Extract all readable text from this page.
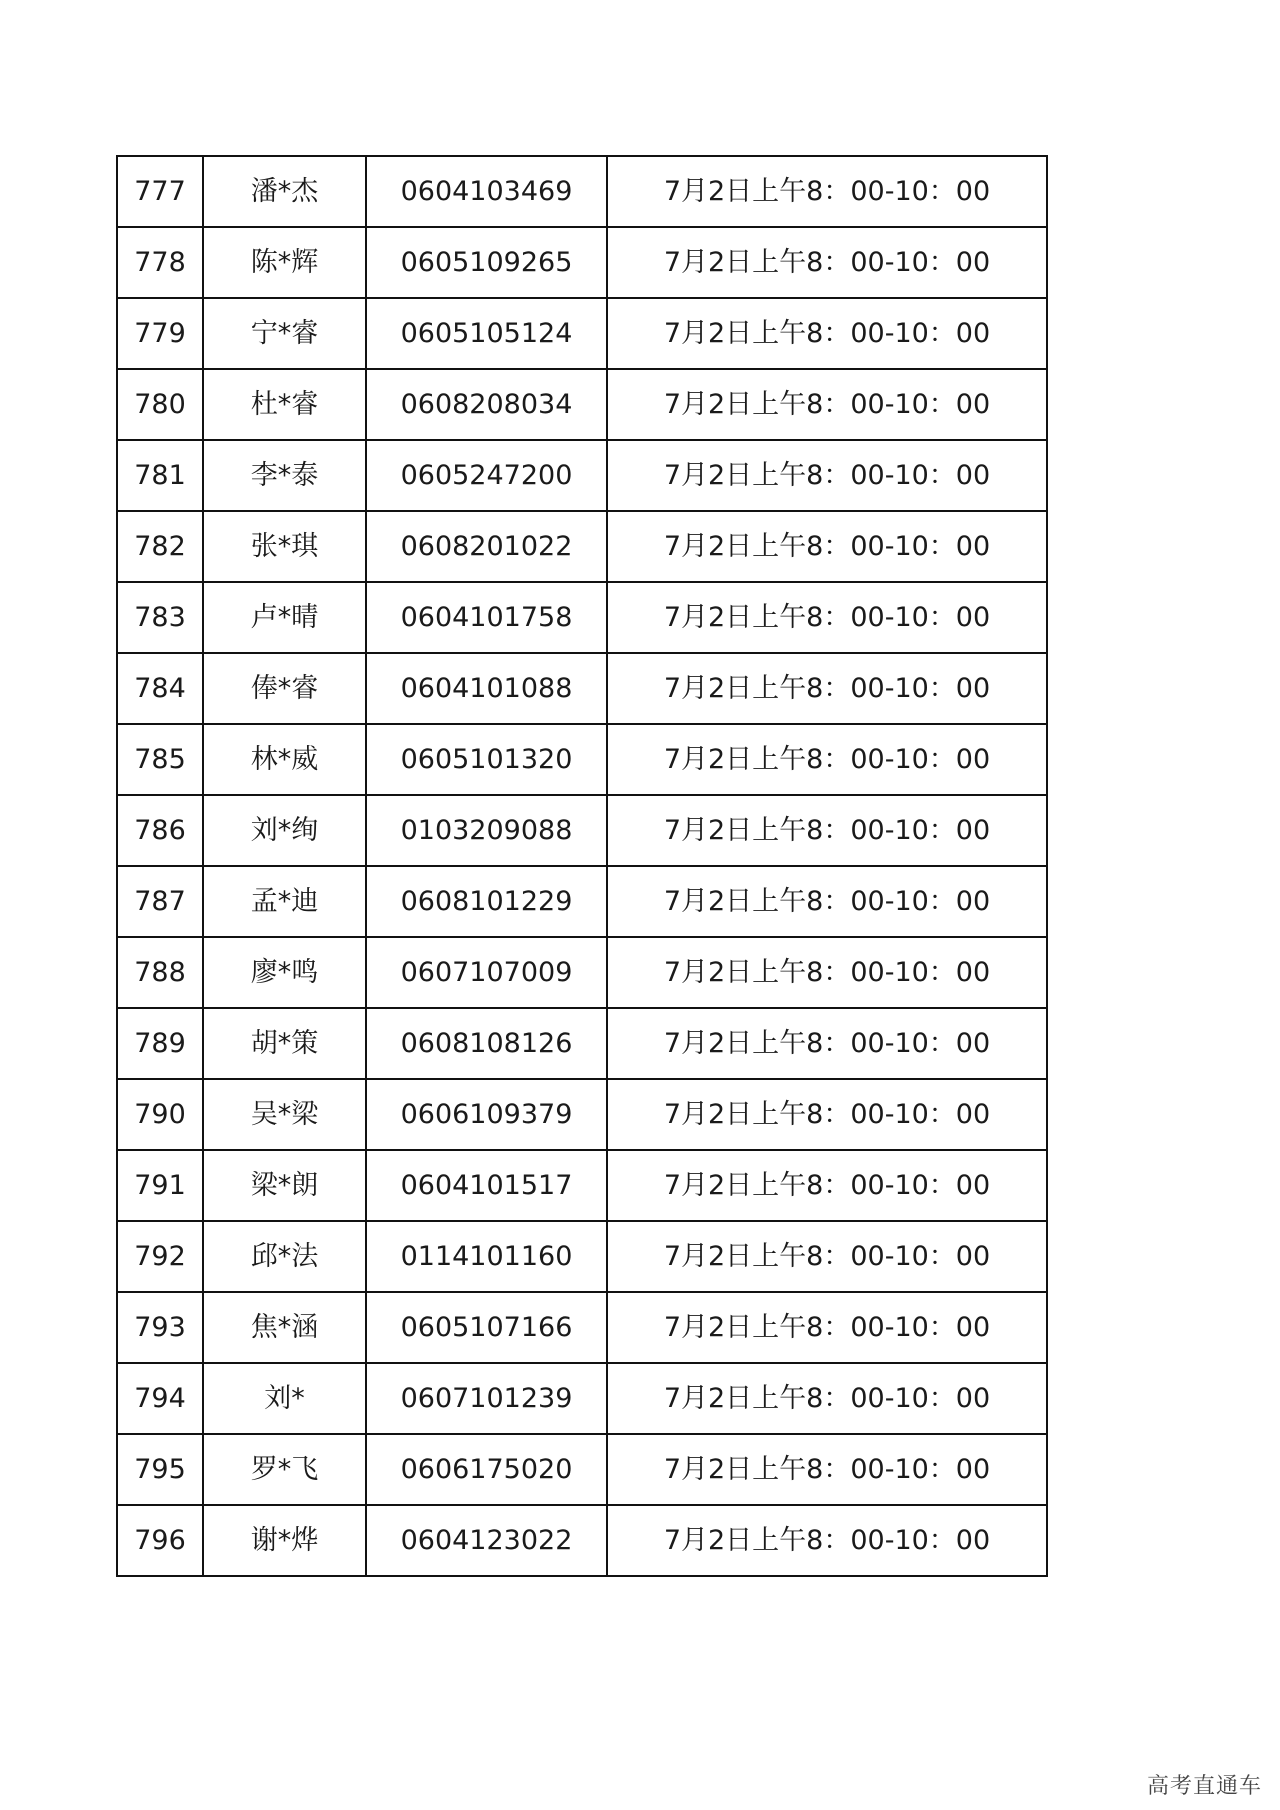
777	潘*杰	0604103469	7月2日上午8：00-10：00
778	陈*辉	0605109265	7月2日上午8：00-10：00
779	宁*睿	0605105124	7月2日上午8：00-10：00
780	杜*睿	0608208034	7月2日上午8：00-10：00
781	李*泰	0605247200	7月2日上午8：00-10：00
782	张*琪	0608201022	7月2日上午8：00-10：00
783	卢*晴	0604101758	7月2日上午8：00-10：00
784	俸*睿	0604101088	7月2日上午8：00-10：00
785	林*威	0605101320	7月2日上午8：00-10：00
786	刘*绚	0103209088	7月2日上午8：00-10：00
787	孟*迪	0608101229	7月2日上午8：00-10：00
788	廖*鸣	0607107009	7月2日上午8：00-10：00
789	胡*策	0608108126	7月2日上午8：00-10：00
790	吴*梁	0606109379	7月2日上午8：00-10：00
791	梁*朗	0604101517	7月2日上午8：00-10：00
792	邱*法	0114101160	7月2日上午8：00-10：00
793	焦*涵	0605107166	7月2日上午8：00-10：00
794	刘*	0607101239	7月2日上午8：00-10：00
795	罗*飞	0606175020	7月2日上午8：00-10：00
796	谢*烨	0604123022	7月2日上午8：00-10：00
高考直通车
